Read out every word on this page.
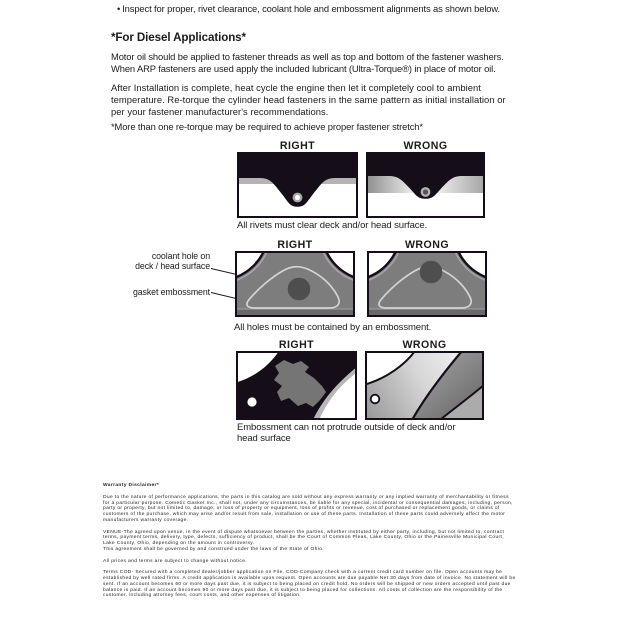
• Inspect for proper, rivet clearance, coolant hole and embossment alignments as shown below.
*For Diesel Applications*
Motor oil should be applied to fastener threads as well as top and bottom of the fastener washers. When ARP fasteners are used apply the included lubricant (Ultra-Torque®) in place of motor oil.
After Installation is complete, heat cycle the engine then let it completely cool to ambient temperature. Re-torque the cylinder head fasteners in the same pattern as initial installation or per your fastener manufacturer's recommendations.
*More than one re-torque may be required to achieve proper fastener stretch*
RIGHT	WRONG
All rivets must clear deck and/or head surface.
RIGHT	WRONG
coolant hole on
deck / head surface
gasket embossment
All holes must be contained by an embossment.
RIGHT	WRONG
Embossment can not protrude outside of deck and/or head surface
Warranty Disclaimer*

Due to the nature of performance applications, the parts in this catalog are sold without any express warranty or any implied warranty of merchantability or fitness for a particular purpose. Cometic Gasket Inc., shall not, under any circumstances, be liable for any special, incidental or consequential damages, including, person, party or property, but not limited to, damage, or loss of property or equipment, loss of profits or revenue, cost of purchased or replacement goods, or claims of customers of the purchase, which may arise and/or result from sale, installation or use of these parts. Installation of these parts could adversely affect the motor manufacturers warranty coverage.

VENUE-The agreed upon venue, in the event of dispute whatsoever between the parties, whether instituted by either party, including, but not limited to, contract terms, payment terms, delivery, type, defects, sufficiency of product, shall be the Court of Common Pleas, Lake County, Ohio or the Painesville Municipal Court, Lake County, Ohio, depending on the amount in controversy.

This agreement shall be governed by and construed under the laws of the State of Ohio.

All prices and terms are subject to change without notice.

Terms COD- Secured with a completed dealer/jobber application on File, COD-Company check with a current credit card number on file. Open accounts may be established by well rated firms. A credit application is available upon request. Open accounts are due payable Net 30 days from date of invoice. No statement will be sent. If an account becomes 60 or more days past due, it is subject to being placed on credit hold. No orders will be shipped or new orders accepted until past due balance is paid. If an account becomes 90 or more days past due, it is subject to being placed for collections. All costs of collection are the responsibility of the customer, including attorney fees, court costs, and other expenses of litigation.
